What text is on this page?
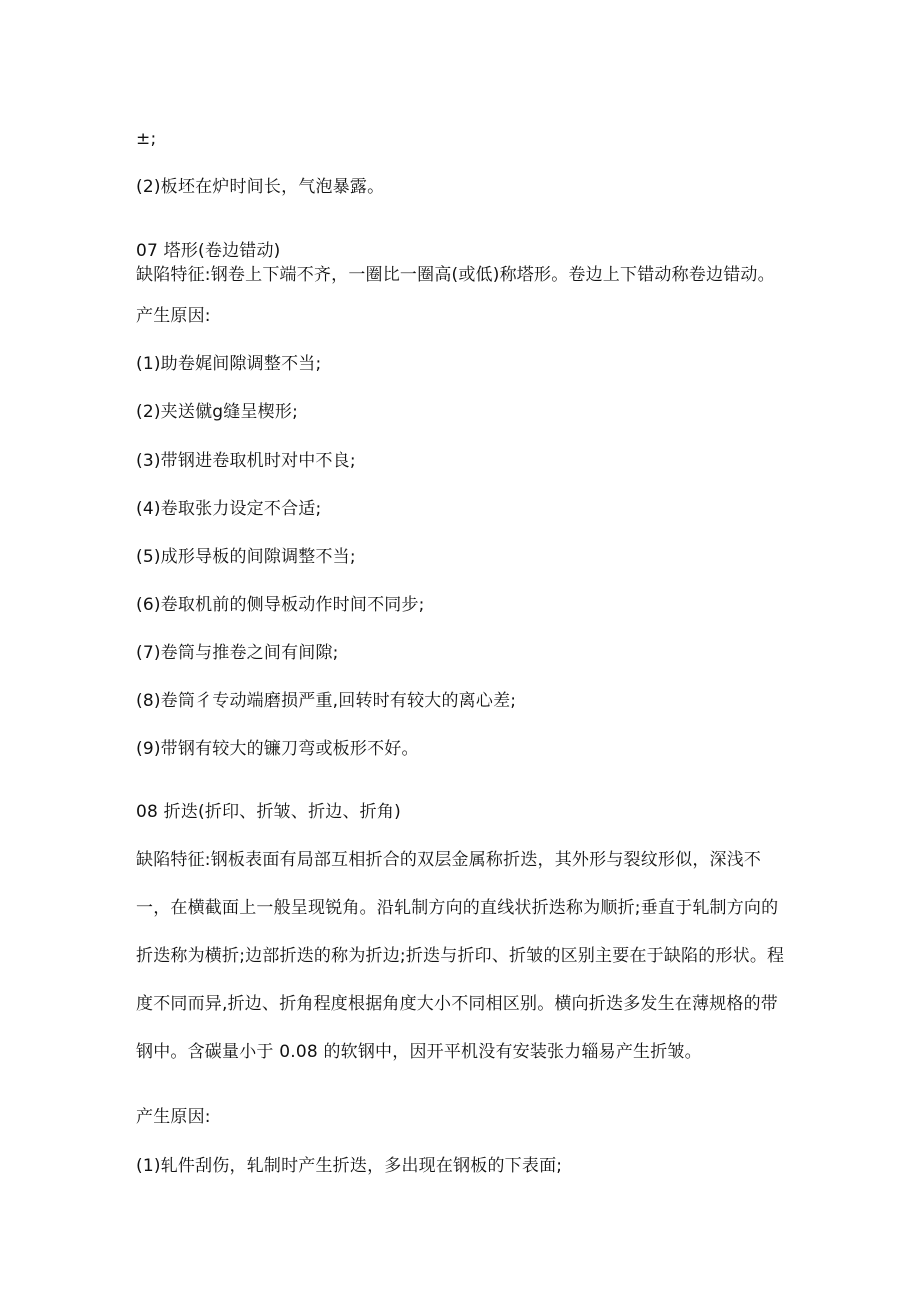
±;
(2)板坯在炉时间长，气泡暴露。
07 塔形(卷边错动)
缺陷特征:钢卷上下端不齐，一圈比一圈高(或低)称塔形。卷边上下错动称卷边错动。
产生原因:
(1)助卷娓间隙调整不当;
(2)夹送僦g缝呈楔形;
(3)带钢进卷取机时对中不良;
(4)卷取张力设定不合适;
(5)成形导板的间隙调整不当;
(6)卷取机前的侧导板动作时间不同步;
(7)卷筒与推卷之间有间隙;
(8)卷筒彳专动端磨损严重,回转时有较大的离心差;
(9)带钢有较大的镰刀弯或板形不好。
08 折迭(折印、折皱、折边、折角)
缺陷特征:钢板表面有局部互相折合的双层金属称折迭，其外形与裂纹形似，深浅不
一，在横截面上一般呈现锐角。沿轧制方向的直线状折迭称为顺折;垂直于轧制方向的
折迭称为横折;边部折迭的称为折边;折迭与折印、折皱的区别主要在于缺陷的形状。程
度不同而异,折边、折角程度根据角度大小不同相区别。横向折迭多发生在薄规格的带
钢中。含碳量小于 0.08 的软钢中，因开平机没有安装张力辎易产生折皱。
产生原因:
(1)轧件刮伤，轧制时产生折迭，多出现在钢板的下表面;
